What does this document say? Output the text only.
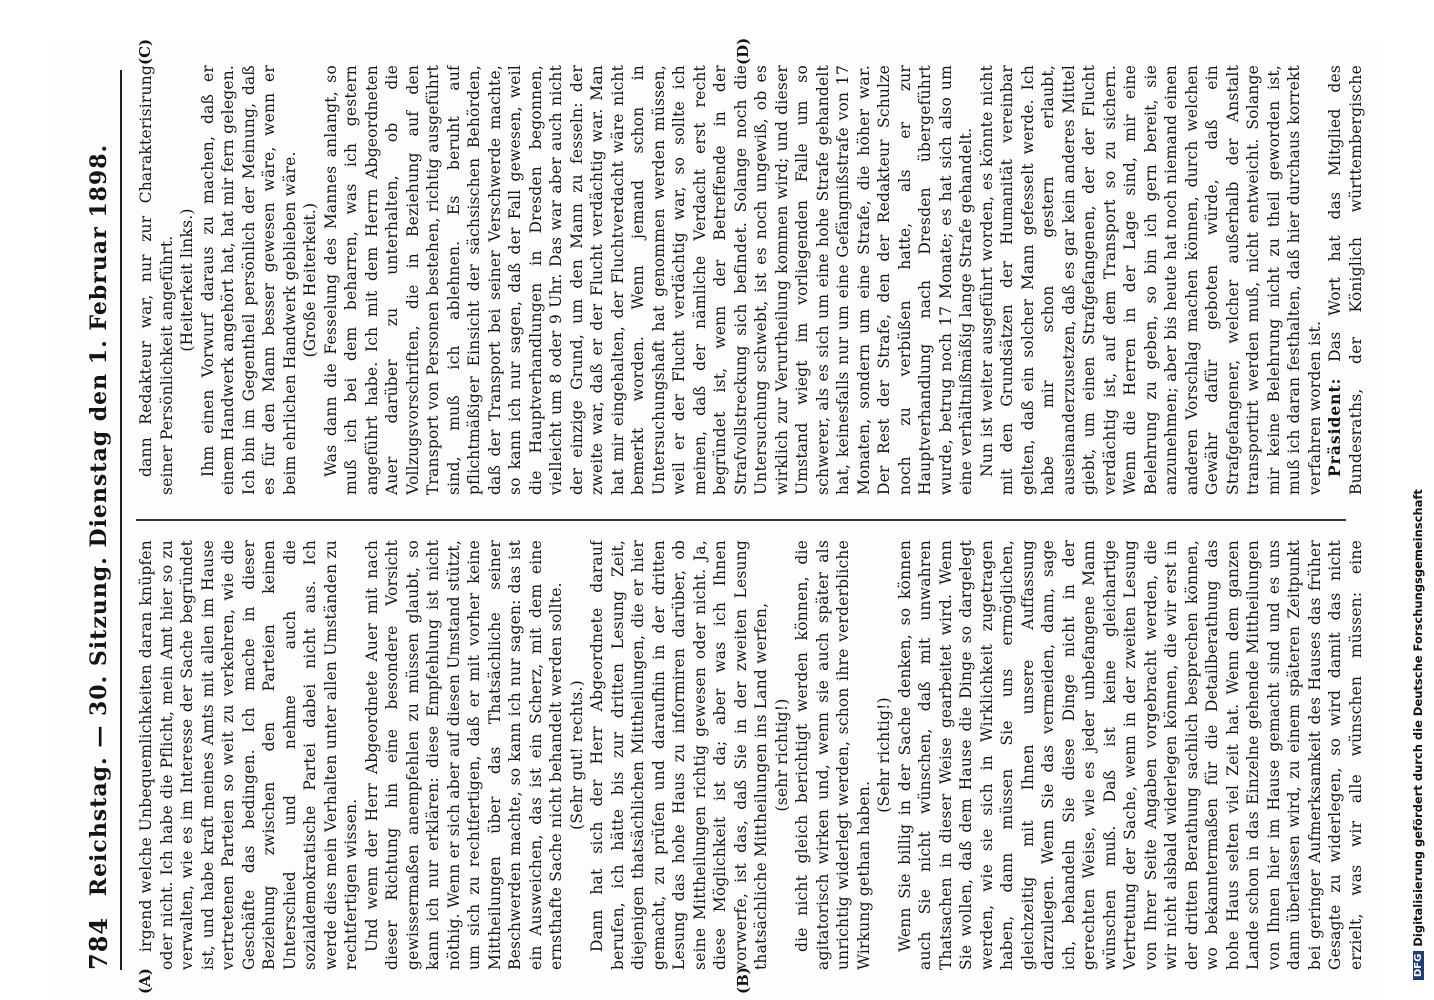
784
Reichstag. — 30. Sitzung. Dienstag den 1. Februar 1898.
(A)	(B)
(C)	(D)

irgend welche Unbequemlichkeiten daran knüpfen oder nicht. Ich habe die Pflicht, mein Amt hier so zu verwalten, wie es im Interesse der Sache begründet ist, und habe kraft meines Amts mit allen im Hause vertretenen Parteien so weit zu verkehren, wie die Geschäfte das bedingen. Ich mache in dieser Beziehung zwischen den Parteien keinen Unterschied und nehme auch die sozialdemokratische Partei dabei nicht aus. Ich werde dies mein Verhalten unter allen Umständen zu rechtfertigen wissen. Und wenn der Herr Abgeordnete Auer mit nach dieser Richtung hin eine besondere Vorsicht gewissermaßen anempfehlen zu müssen glaubt, so kann ich nur erklären: diese Empfehlung ist nicht nöthig. Wenn er sich aber auf diesen Umstand stützt, um sich zu rechtfertigen, daß er mit vorher keine Mittheilungen über das Thatsächliche seiner Beschwerden machte, so kann ich nur sagen: das ist ein Ausweichen, das ist ein Scherz, mit dem eine ernsthafte Sache nicht behandelt werden sollte. (Sehr gut! rechts.) Dann hat sich der Herr Abgeordnete darauf berufen, ich hätte bis zur dritten Lesung Zeit, diejenigen thatsächlichen Mittheilungen, die er hier gemacht, zu prüfen und daraufhin in der dritten Lesung das hohe Haus zu informiren darüber, ob seine Mittheilungen richtig gewesen oder nicht. Ja, diese Möglichkeit ist da; aber was ich Ihnen vorwerfe, ist das, daß Sie in der zweiten Lesung thatsächliche Mittheilungen ins Land werfen, (sehr richtig!) die nicht gleich berichtigt werden können, die agitatorisch wirken und, wenn sie auch später als unrichtig widerlegt werden, schon ihre verderbliche Wirkung gethan haben.

(Sehr richtig!)

Wenn Sie billig in der Sache denken, so können auch Sie nicht wünschen, daß mit unwahren Thatsachen in dieser Weise gearbeitet wird. Wenn Sie wollen, daß dem Hause die Dinge so dargelegt werden, wie sie sich in Wirklichkeit zugetragen haben, dann müssen Sie uns ermöglichen, gleichzeitig mit Ihnen unsere Auffassung darzulegen. Wenn Sie das vermeiden, dann, sage ich, behandeln Sie diese Dinge nicht in der gerechten Weise, wie es jeder unbefangene Mann wünschen muß. Daß ist keine gleichartige Vertretung der Sache, wenn in der zweiten Lesung von Ihrer Seite Angaben vorgebracht werden, die wir nicht alsbald widerlegen können, die wir erst in der dritten Berathung sachlich besprechen können, wo bekanntermaßen für die Detailberathung das hohe Haus selten viel Zeit hat. Wenn dem ganzen Lande schon in das Einzelne gehende Mittheilungen von Ihnen hier im Hause gemacht sind und es uns dann überlassen wird, zu einem späteren Zeitpunkt bei geringer Aufmerksamkeit des Hauses das früher Gesagte zu widerlegen, so wird damit das nicht erzielt, was wir alle wünschen müssen: eine

dann Redakteur war, nur zur Charakterisirung seiner Persönlichkeit angeführt. (Heiterkeit links.) Ihm einen Vorwurf daraus zu machen, daß er einem Handwerk angehört hat, hat mir fern gelegen. Ich bin im Gegentheil persönlich der Meinung, daß es für den Mann besser gewesen wäre, wenn er beim ehrlichen Handwerk geblieben wäre. (Große Heiterkeit.) Was dann die Fesselung des Mannes anlangt, so muß ich bei dem beharren, was ich gestern angeführt habe. Ich mit dem Herrn Abgeordneten Auer darüber zu unterhalten, ob die Vollzugsvorschriften, die in Beziehung auf den Transport von Personen bestehen, richtig ausgeführt sind, muß ich ablehnen. Es beruht auf pflichtmäßiger Einsicht der sächsischen Behörden, daß der Transport bei seiner Verschwerde machte, so kann ich nur sagen, daß der Fall gewesen, weil die Hauptverhandlungen in Dresden begonnen, vielleicht um 8 oder 9 Uhr. Das war aber auch nicht der einzige Grund, um den Mann zu fesseln: der zweite war, daß er der Flucht verdächtig war. Man hat mir eingehalten, der Fluchtverdacht wäre nicht bemerkt worden. Wenn jemand schon in Untersuchungshaft hat genommen werden müssen, weil er der Flucht verdächtig war, so sollte ich meinen, daß der nämliche Verdacht erst recht begründet ist, wenn der Betreffende in der Strafvollstreckung sich befindet. Solange noch die Untersuchung schwebt, ist es noch ungewiß, ob es wirklich zur Verurtheilung kommen wird; und dieser Umstand wiegt im vorliegenden Falle um so schwerer, als es sich um eine hohe Strafe gehandelt hat, keinesfalls nur um eine Gefängnißstrafe von 17 Monaten, sondern um eine Strafe, die höher war. Der Rest der Strafe, den der Redakteur Schulze noch zu verbüßen hatte, als er zur Hauptverhandlung nach Dresden übergeführt wurde, betrug noch 17 Monate; es hat sich also um eine verhältnißmäßig lange Strafe gehandelt. Nun ist weiter ausgeführt worden, es könnte nicht mit den Grundsätzen der Humanität vereinbar gelten, daß ein solcher Mann gefesselt werde. Ich habe mir schon gestern erlaubt, auseinanderzusetzen, daß es gar kein anderes Mittel giebt, um einen Strafgefangenen, der der Flucht verdächtig ist, auf dem Transport so zu sichern. Wenn die Herren in der Lage sind, mir eine Belehrung zu geben, so bin ich gern bereit, sie anzunehmen; aber bis heute hat noch niemand einen anderen Vorschlag machen können, durch welchen Gewähr dafür geboten würde, daß ein Strafgefangener, welcher außerhalb der Anstalt transportirt werden muß, nicht entweicht. Solange mir keine Belehrung nicht zu theil geworden ist, muß ich daran festhalten, daß hier durchaus korrekt verfahren worden ist. Präsident: Das Wort hat das Mitglied des Bundesraths, der Königlich württembergische

DFGDigitalisierung gefördert durch die Deutsche Forschungsgemeinschaft
